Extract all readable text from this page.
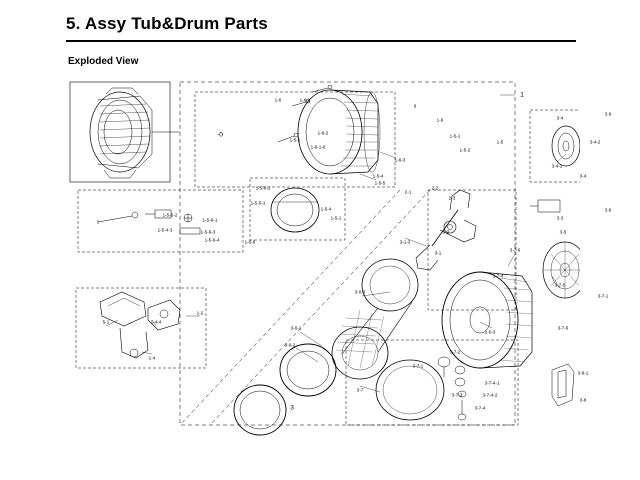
5. Assy Tub&Drum Parts
Exploded View
-0
1
1-6
1-6	1-6-1
6
1-6-2
1-5-1	1-5
1-5-2
1-5-1
1-6-1-6
1-6-3
1-5-4
1-5-5
3-4
3-9
3-4-2
3-4-1
3-4
1-5-6-2
1-5-5-1
1-5-4
1-5-1
1-5-6-2
1-5-6-1
1-5-6-3
1-5-6-4
1-5-4-3
1-5-6
2-1
2-2
2-3
3-1-3
3-1
3-2
3-3
3-5
3-6
3-7-6
3-7-4
3-7-5
3-7-1
2-0-3
3-7-6
3-7
3
3-7-2
3-7-1
3-7-4-1
3-7-4-2
3-7-3
3-7-4
3-8-1
3-8
3-0-3
3-0-1
3-0-2
5-1	1-4-4
1-2
1-4
